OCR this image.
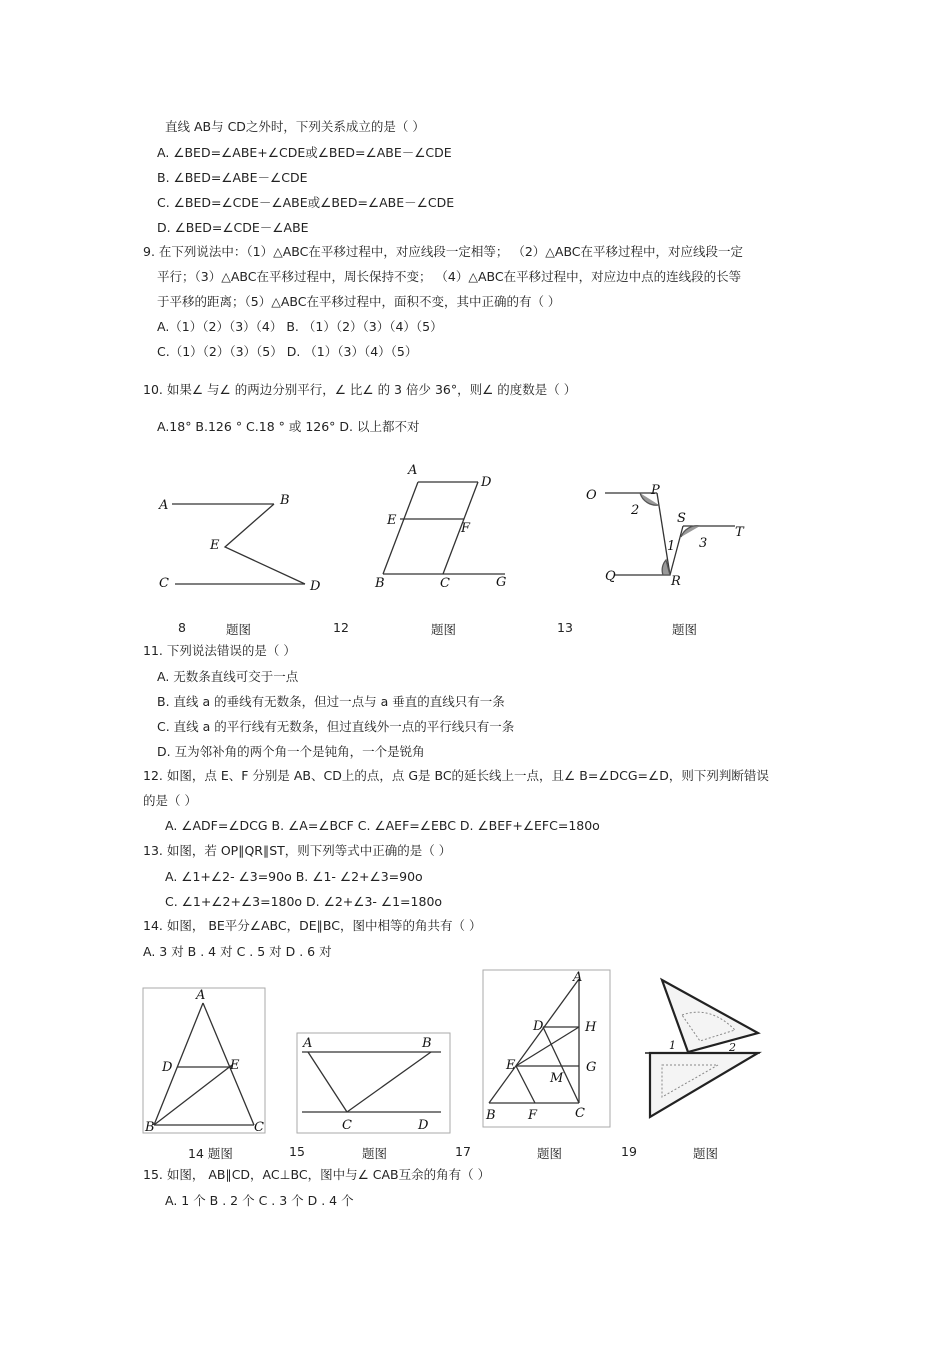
直线 AB与 CD之外时，下列关系成立的是（ ）
A. ∠BED=∠ABE+∠CDE或∠BED=∠ABE－∠CDE
B. ∠BED=∠ABE－∠CDE
C. ∠BED=∠CDE－∠ABE或∠BED=∠ABE－∠CDE
D. ∠BED=∠CDE－∠ABE
9. 在下列说法中：（1）△ABC在平移过程中，对应线段一定相等； （2）△ABC在平移过程中，对应线段一定
平行；（3）△ABC在平移过程中，周长保持不变； （4）△ABC在平移过程中，对应边中点的连线段的长等
于平移的距离；（5）△ABC在平移过程中，面积不变，其中正确的有（ ）
A.（1）（2）（3）（4） B. （1）（2）（3）（4）（5）
C.（1）（2）（3）（5） D. （1）（3）（4）（5）
10. 如果∠ 与∠ 的两边分别平行，∠ 比∠ 的 3 倍少 36°，则∠ 的度数是（ ）
A.18° B.126 ° C.18 ° 或 126° D. 以上都不对
A	B
E
C	D
A
D
E
F
B	C	G
O	P
2
S
T
1 3
Q	R
8	题图	12	题图	13	题图
11. 下列说法错误的是（ ）
A. 无数条直线可交于一点
B. 直线 a 的垂线有无数条，但过一点与 a 垂直的直线只有一条
C. 直线 a 的平行线有无数条，但过直线外一点的平行线只有一条
D. 互为邻补角的两个角一个是钝角，一个是锐角
12. 如图，点 E、F 分别是 AB、CD上的点，点 G是 BC的延长线上一点，且∠ B=∠DCG=∠D，则下列判断错误
的是（ ）
A. ∠ADF=∠DCG B. ∠A=∠BCF C. ∠AEF=∠EBC D. ∠BEF+∠EFC=180o
13. 如图，若 OP∥QR∥ST，则下列等式中正确的是（ ）
A. ∠1+∠2- ∠3=90o B. ∠1- ∠2+∠3=90o
C. ∠1+∠2+∠3=180o D. ∠2+∠3- ∠1=180o
14. 如图， BE平分∠ABC，DE∥BC，图中相等的角共有（ ）
A. 3 对 B . 4 对 C . 5 对 D . 6 对
A
D	E
B	C
A	B
C	D
A
D	H
E	G
M
B F	C
1	2
14 题图	15	题图	17	题图	19	题图
15. 如图， AB∥CD，AC⊥BC，图中与∠ CAB互余的角有（ ）
A. 1 个 B . 2 个 C . 3 个 D . 4 个
